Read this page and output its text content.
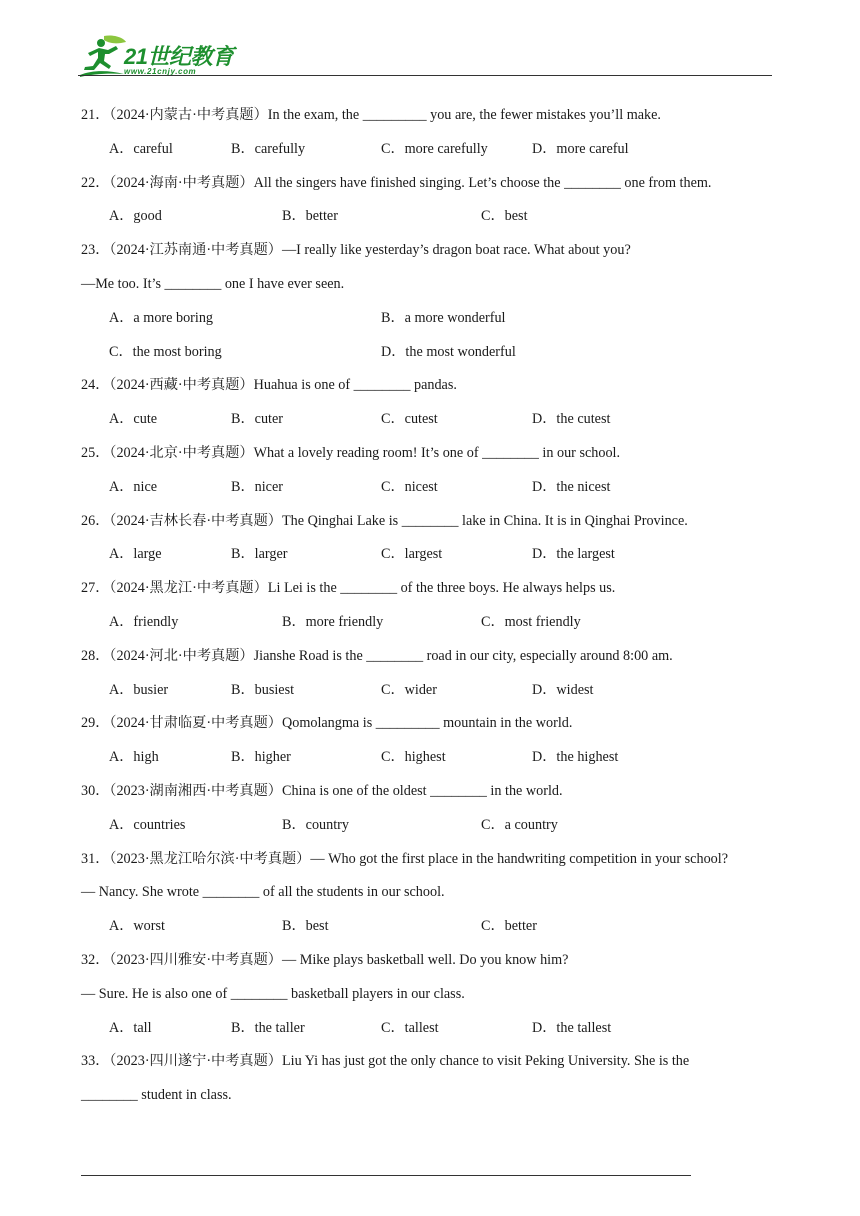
21世纪教育
www.21cnjy.com
21．（2024·内蒙古·中考真题）In the exam, the _________ you are, the fewer mistakes you’ll make.
A．careful	B．carefully	C．more carefully	D．more careful
22．（2024·海南·中考真题）All the singers have finished singing. Let’s choose the ________ one from them.
A．good	B．better	C．best
23．（2024·江苏南通·中考真题）—I really like yesterday’s dragon boat race. What about you?
—Me too. It’s ________ one I have ever seen.
A．a more boring	B．a more wonderful
C．the most boring	D．the most wonderful
24．（2024·西藏·中考真题）Huahua is one of ________ pandas.
A．cute	B．cuter	C．cutest	D．the cutest
25．（2024·北京·中考真题）What a lovely reading room! It’s one of ________ in our school.
A．nice	B．nicer	C．nicest	D．the nicest
26．（2024·吉林长春·中考真题）The Qinghai Lake is ________ lake in China. It is in Qinghai Province.
A．large	B．larger	C．largest	D．the largest
27．（2024·黑龙江·中考真题）Li Lei is the ________ of the three boys. He always helps us.
A．friendly	B．more friendly	C．most friendly
28．（2024·河北·中考真题）Jianshe Road is the ________ road in our city, especially around 8:00 am.
A．busier	B．busiest	C．wider	D．widest
29．（2024·甘肃临夏·中考真题）Qomolangma is _________ mountain in the world.
A．high	B．higher	C．highest	D．the highest
30．（2023·湖南湘西·中考真题）China is one of the oldest ________ in the world.
A．countries	B．country	C．a country
31．（2023·黑龙江哈尔滨·中考真题）— Who got the first place in the handwriting competition in your school?
— Nancy. She wrote ________ of all the students in our school.
A．worst	B．best	C．better
32．（2023·四川雅安·中考真题）— Mike plays basketball well. Do you know him?
— Sure. He is also one of ________ basketball players in our class.
A．tall	B．the taller	C．tallest	D．the tallest
33．（2023·四川遂宁·中考真题）Liu Yi has just got the only chance to visit Peking University. She is the
________ student in class.
